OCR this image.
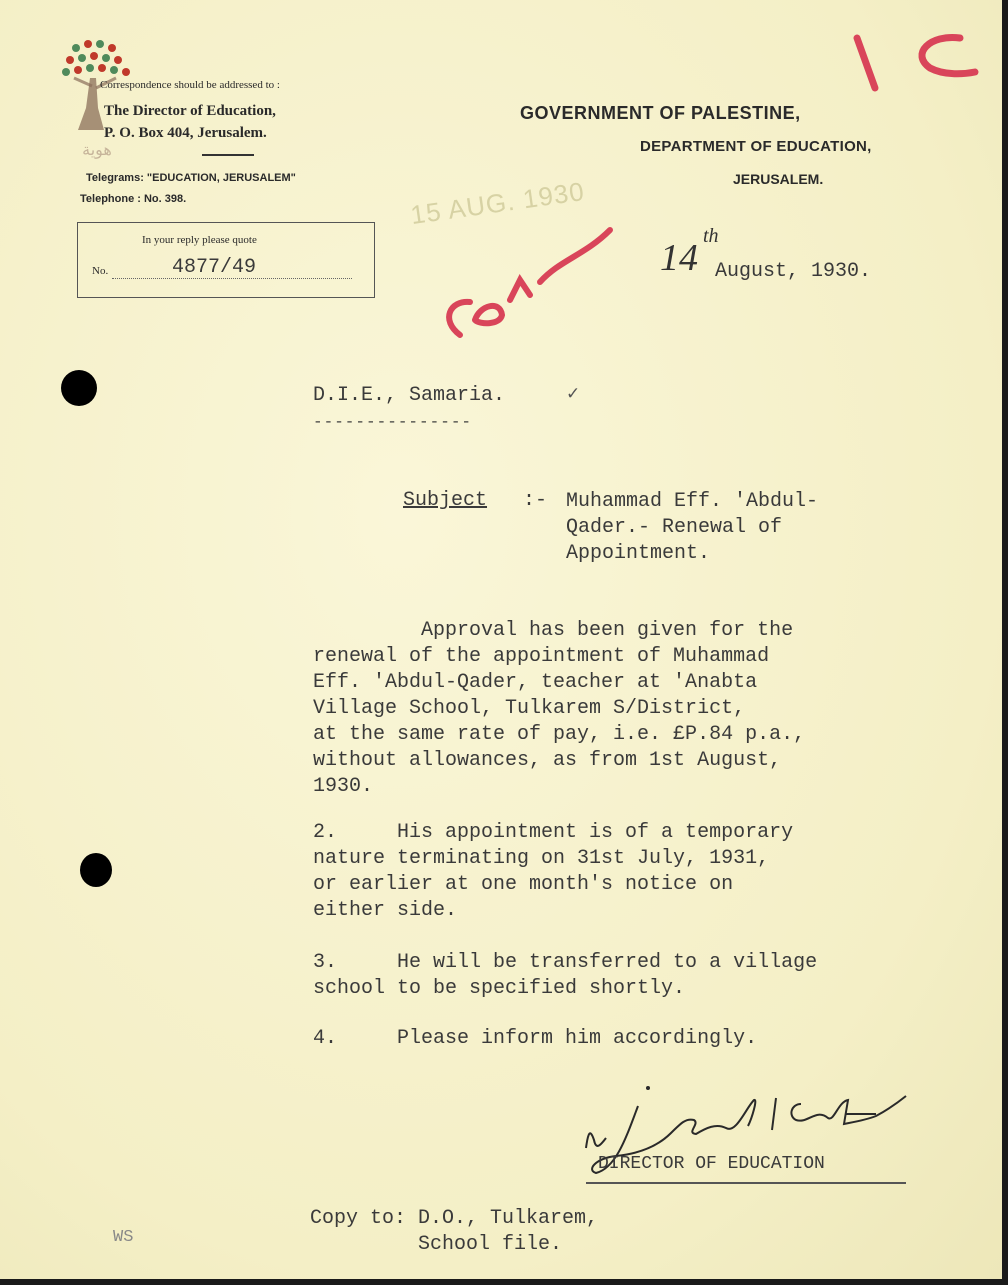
هوية
Correspondence should be addressed to :
The Director of Education,
P. O. Box 404, Jerusalem.
Telegrams: "EDUCATION, JERUSALEM"
Telephone : No. 398.
GOVERNMENT OF PALESTINE,
DEPARTMENT OF EDUCATION,
JERUSALEM.
In your reply please quote
No.	4877/49
15 AUG. 1930
14
th
August, 1930.
D.I.E., Samaria.	✓
---------------
Subject :- Muhammad Eff. 'Abdul-
Qader.- Renewal of
Appointment.
Approval has been given for the
renewal of the appointment of Muhammad
Eff. 'Abdul-Qader, teacher at 'Anabta
Village School, Tulkarem S/District,
at the same rate of pay, i.e. £P.84 p.a.,
without allowances, as from 1st August,
1930.
2.     His appointment is of a temporary
nature terminating on 31st July, 1931,
or earlier at one month's notice on
either side.
3.     He will be transferred to a village
school to be specified shortly.
4.     Please inform him accordingly.
DIRECTOR OF EDUCATION
Copy to: D.O., Tulkarem,
School file.
WS
